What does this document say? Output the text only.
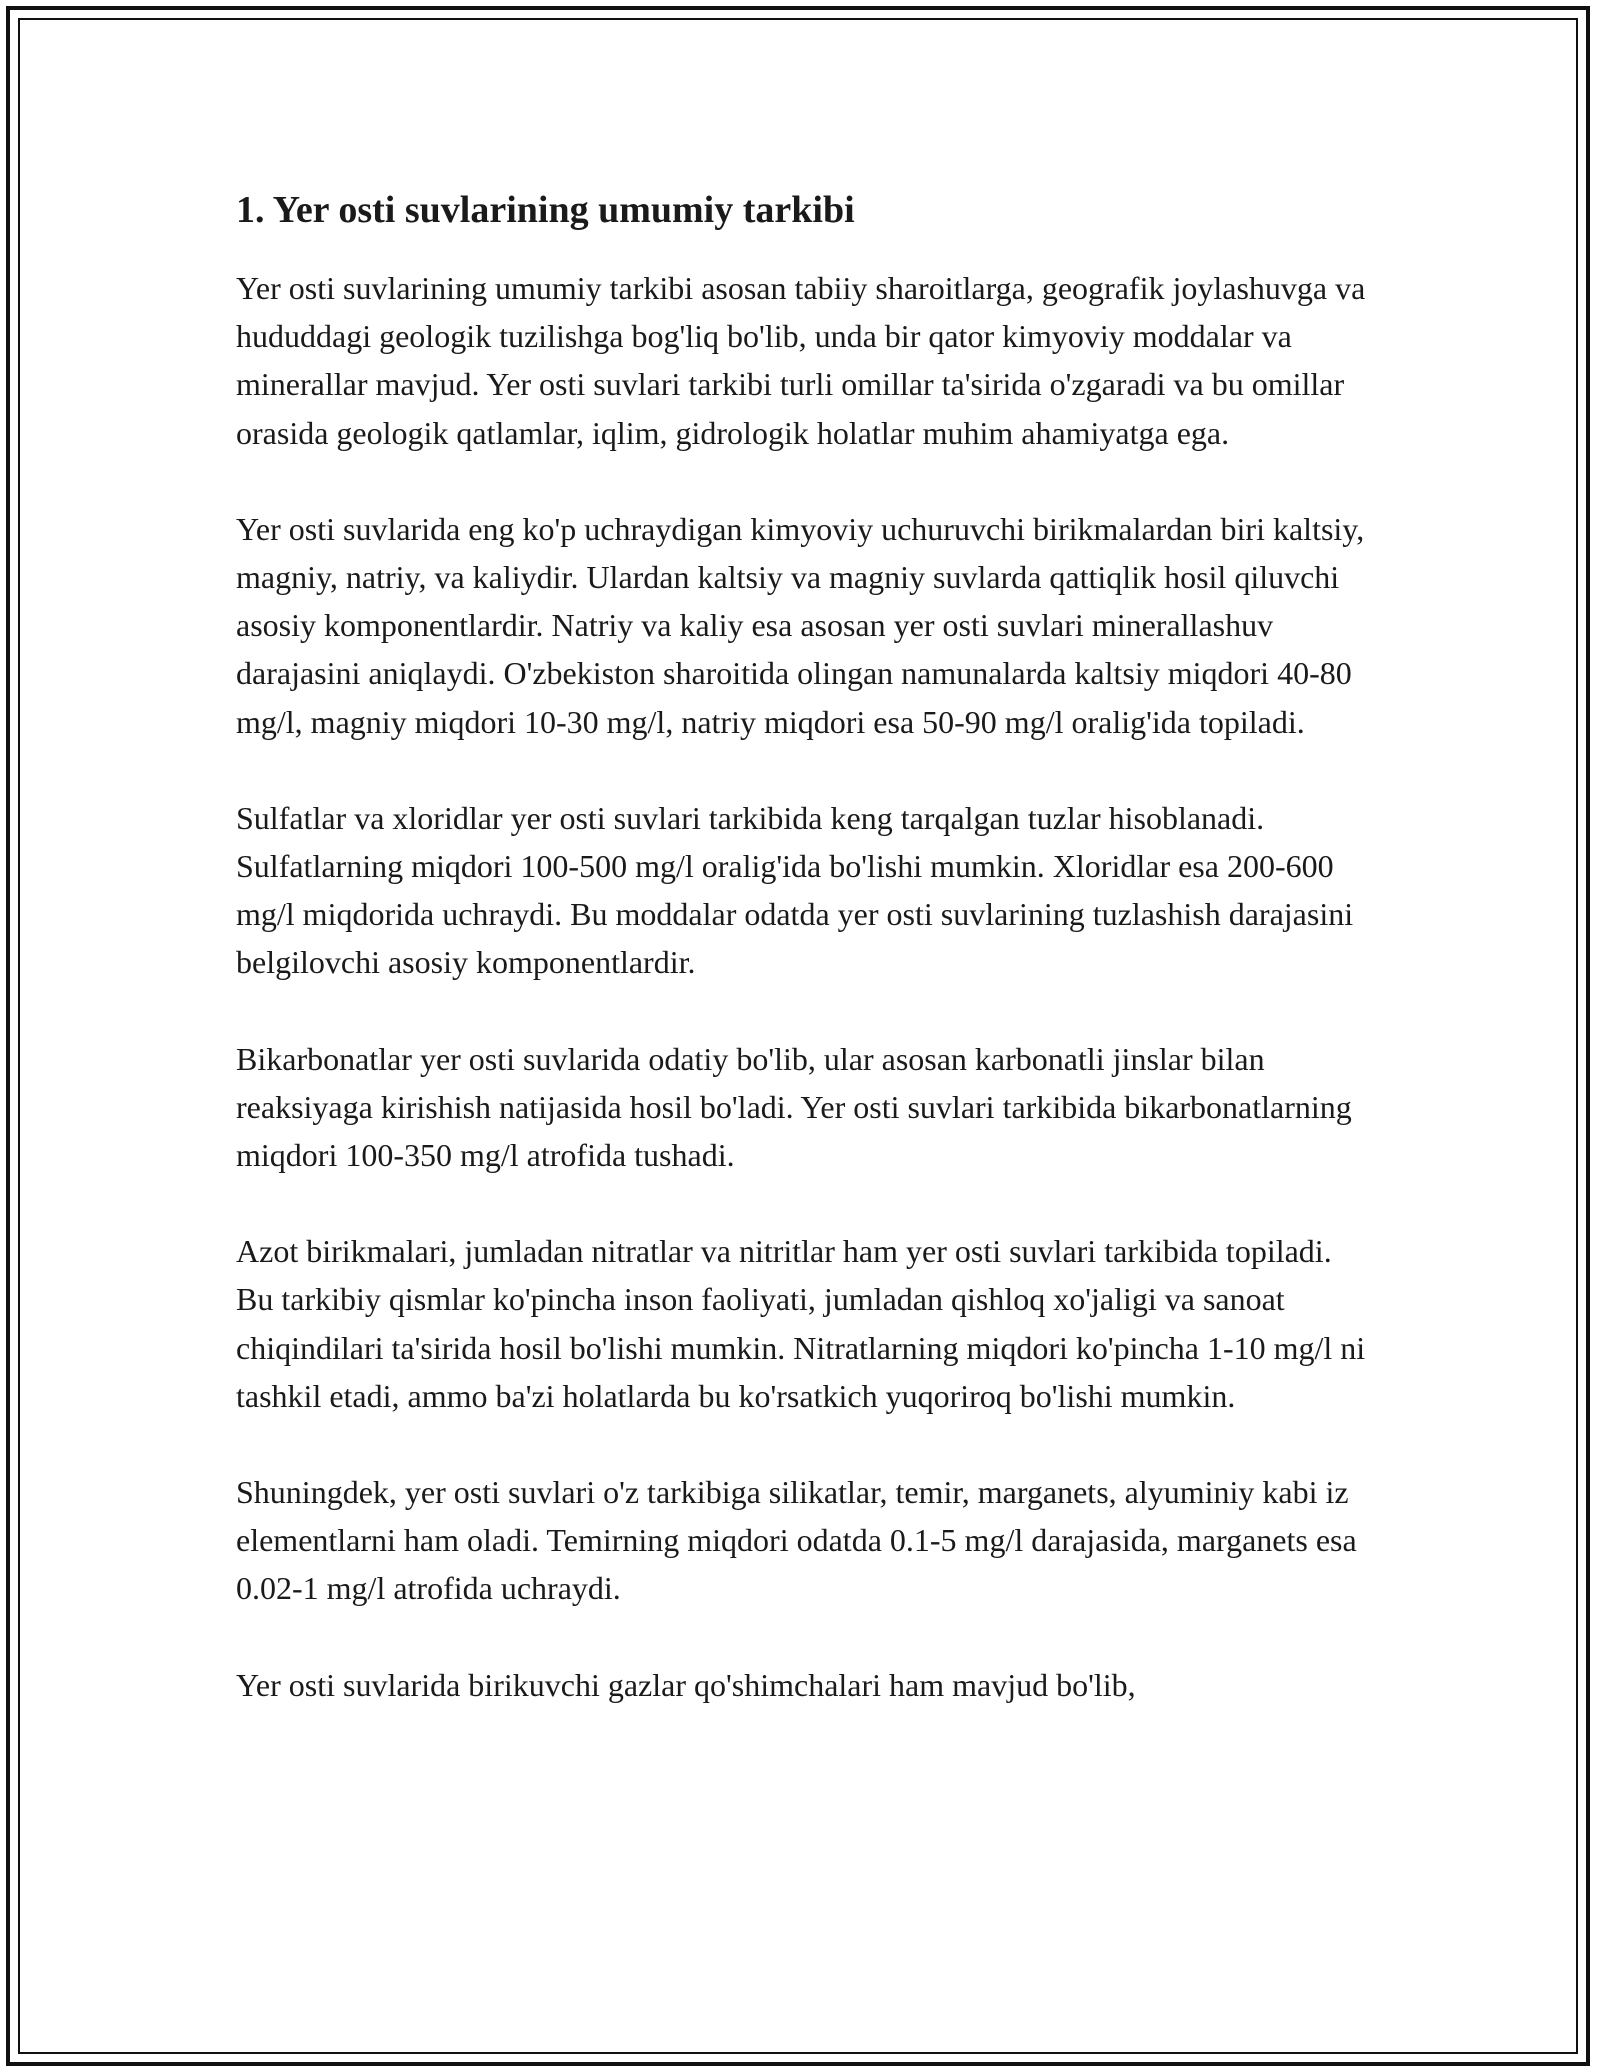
1. Yer osti suvlarining umumiy tarkibi

Yer osti suvlarining umumiy tarkibi asosan tabiiy sharoitlarga, geografik joylashuvga va hududdagi geologik tuzilishga bog'liq bo'lib, unda bir qator kimyoviy moddalar va minerallar mavjud. Yer osti suvlari tarkibi turli omillar ta'sirida o'zgaradi va bu omillar orasida geologik qatlamlar, iqlim, gidrologik holatlar muhim ahamiyatga ega.

Yer osti suvlarida eng ko'p uchraydigan kimyoviy uchuruvchi birikmalardan biri kaltsiy, magniy, natriy, va kaliydir. Ulardan kaltsiy va magniy suvlarda qattiqlik hosil qiluvchi asosiy komponentlardir. Natriy va kaliy esa asosan yer osti suvlari minerallashuv darajasini aniqlaydi. O'zbekiston sharoitida olingan namunalarda kaltsiy miqdori 40-80 mg/l, magniy miqdori 10-30 mg/l, natriy miqdori esa 50-90 mg/l oralig'ida topiladi.

Sulfatlar va xloridlar yer osti suvlari tarkibida keng tarqalgan tuzlar hisoblanadi. Sulfatlarning miqdori 100-500 mg/l oralig'ida bo'lishi mumkin. Xloridlar esa 200-600 mg/l miqdorida uchraydi. Bu moddalar odatda yer osti suvlarining tuzlashish darajasini belgilovchi asosiy komponentlardir.

Bikarbonatlar yer osti suvlarida odatiy bo'lib, ular asosan karbonatli jinslar bilan reaksiyaga kirishish natijasida hosil bo'ladi. Yer osti suvlari tarkibida bikarbonatlarning miqdori 100-350 mg/l atrofida tushadi.

Azot birikmalari, jumladan nitratlar va nitritlar ham yer osti suvlari tarkibida topiladi. Bu tarkibiy qismlar ko'pincha inson faoliyati, jumladan qishloq xo'jaligi va sanoat chiqindilari ta'sirida hosil bo'lishi mumkin. Nitratlarning miqdori ko'pincha 1-10 mg/l ni tashkil etadi, ammo ba'zi holatlarda bu ko'rsatkich yuqoriroq bo'lishi mumkin.

Shuningdek, yer osti suvlari o'z tarkibiga silikatlar, temir, marganets, alyuminiy kabi iz elementlarni ham oladi. Temirning miqdori odatda 0.1-5 mg/l darajasida, marganets esa 0.02-1 mg/l atrofida uchraydi.

Yer osti suvlarida birikuvchi gazlar qo'shimchalari ham mavjud bo'lib,
